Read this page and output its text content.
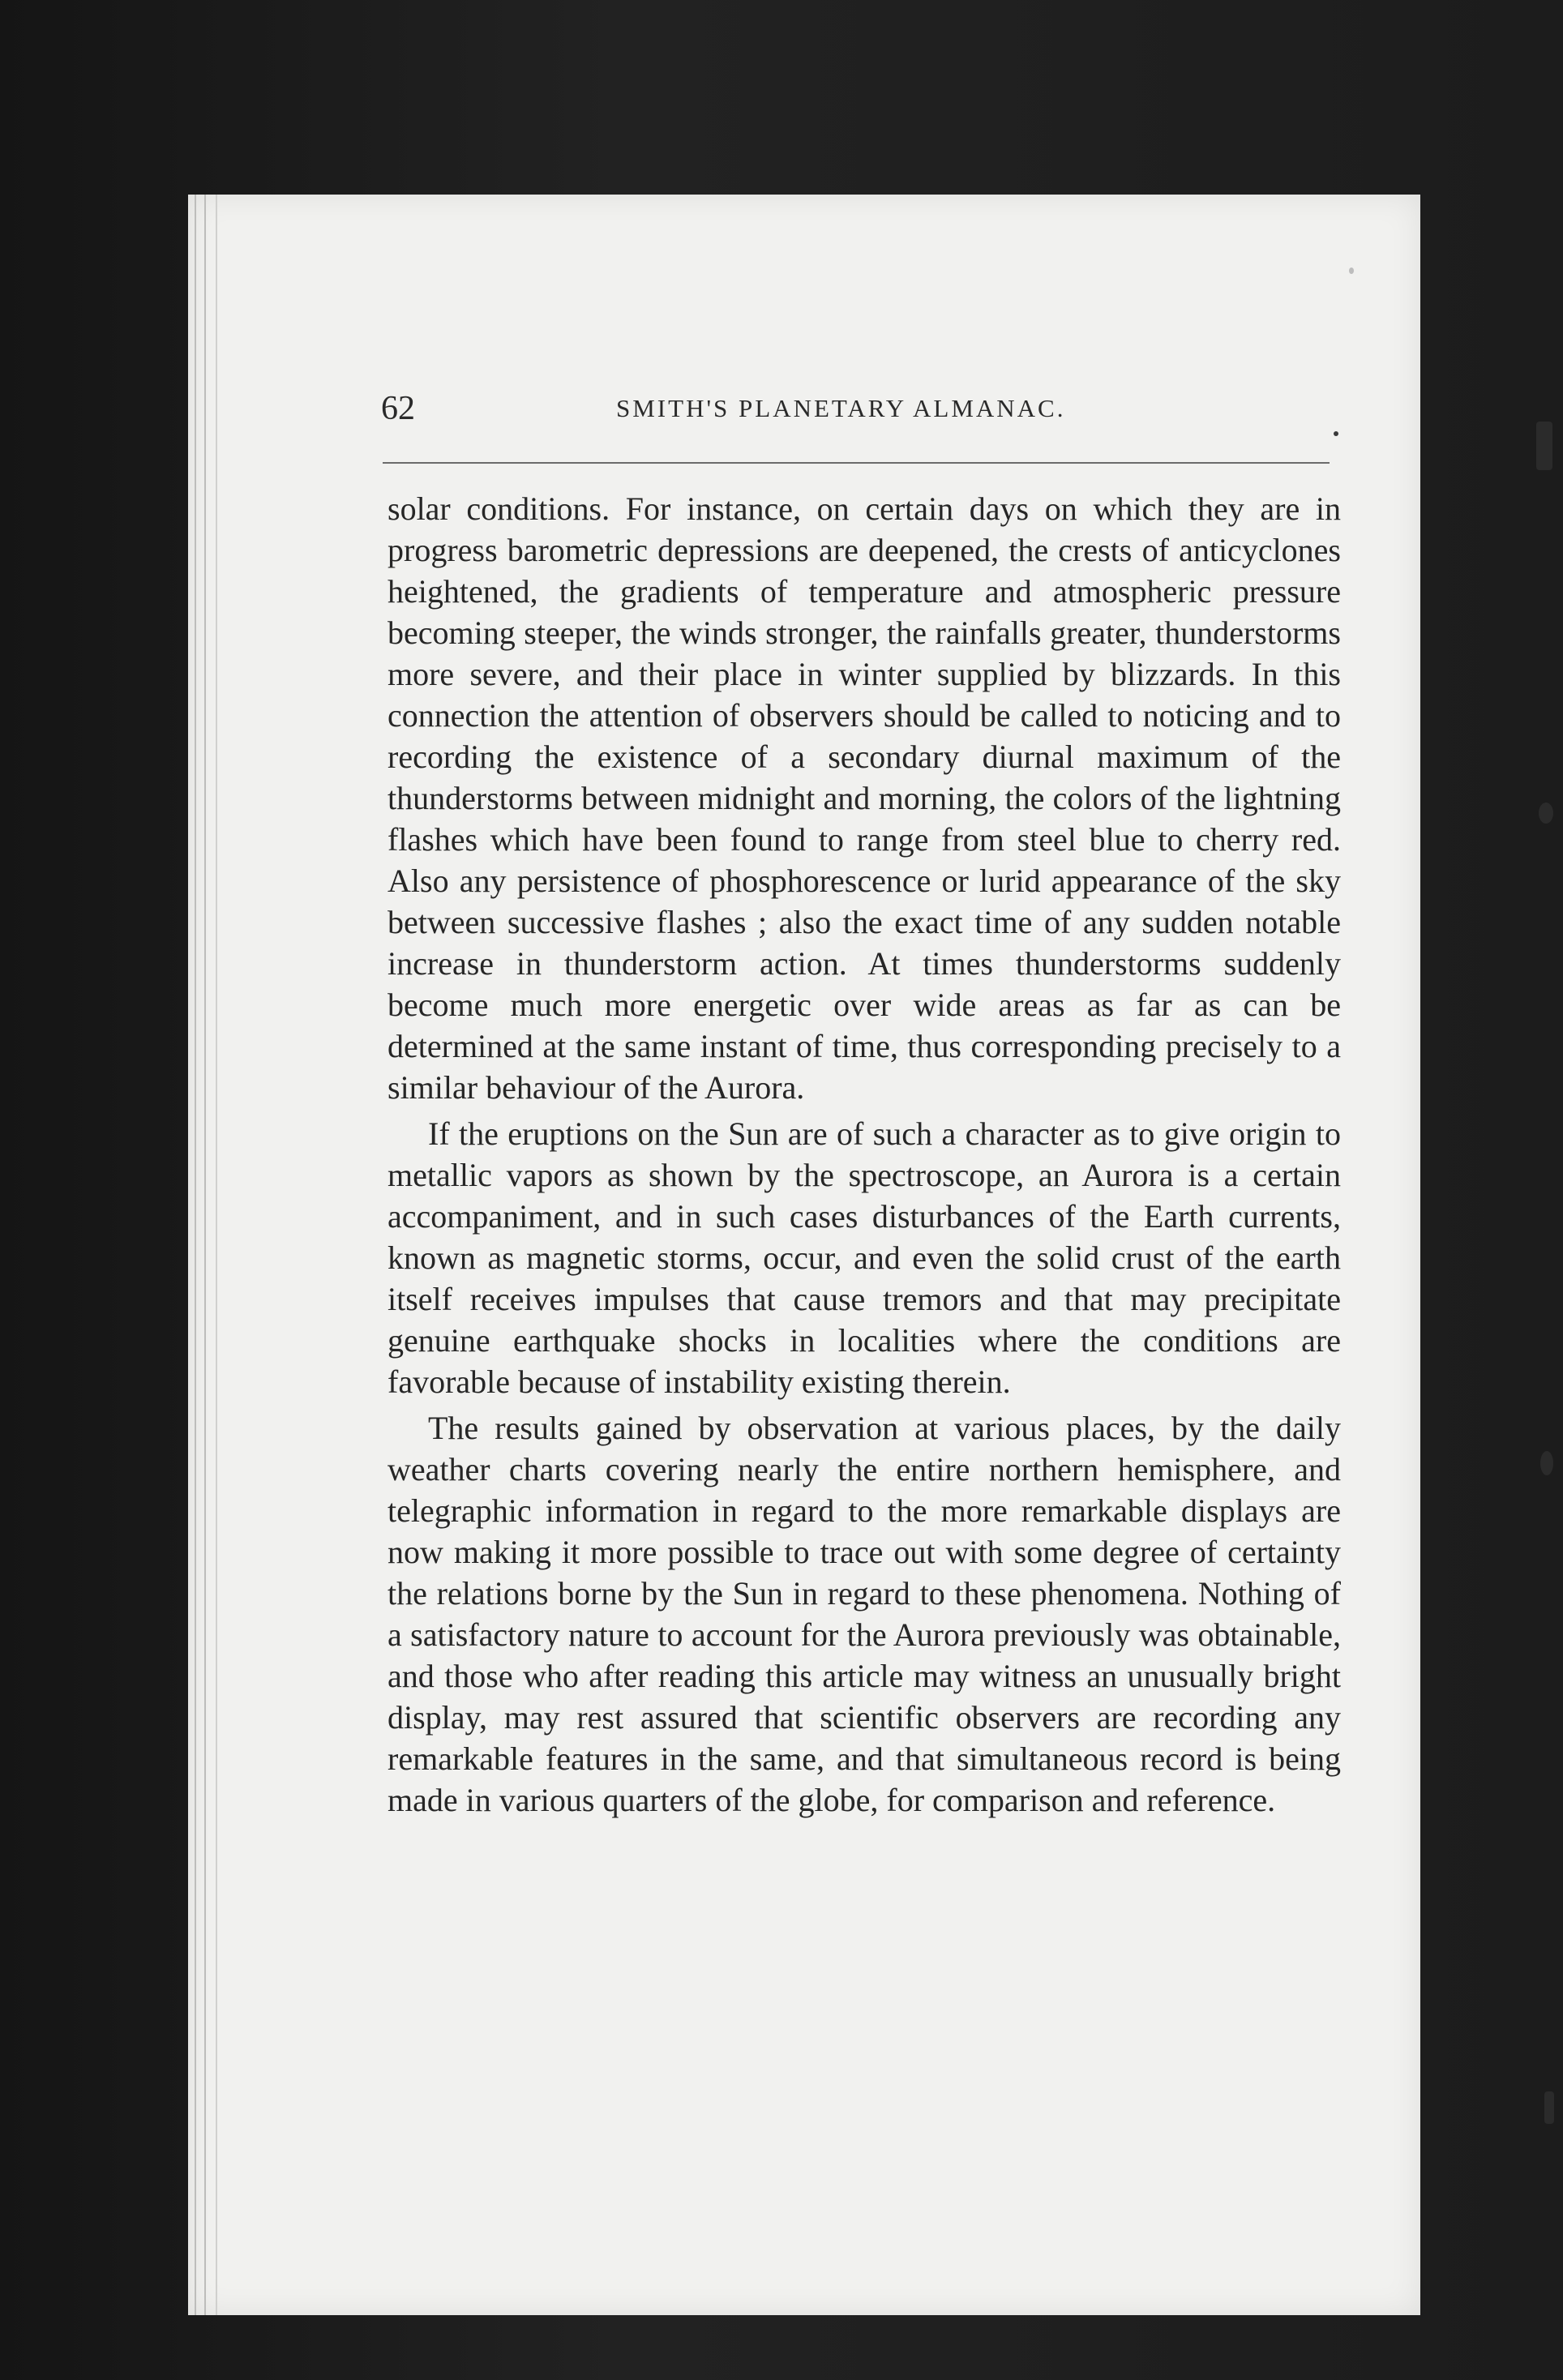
62	SMITH'S PLANETARY ALMANAC.

solar conditions. For instance, on certain days on which they are in progress barometric depressions are deepened, the crests of anticyclones heightened, the gradients of temperature and atmospheric pressure becoming steeper, the winds stronger, the rainfalls greater, thunderstorms more severe, and their place in winter supplied by blizzards. In this connection the attention of observers should be called to noticing and to recording the existence of a secondary diurnal maximum of the thunderstorms between midnight and morning, the colors of the lightning flashes which have been found to range from steel blue to cherry red. Also any persistence of phosphorescence or lurid appearance of the sky between successive flashes ; also the exact time of any sudden notable increase in thunderstorm action. At times thunderstorms suddenly become much more energetic over wide areas as far as can be determined at the same instant of time, thus corresponding precisely to a similar behaviour of the Aurora.

If the eruptions on the Sun are of such a character as to give origin to metallic vapors as shown by the spectroscope, an Aurora is a certain accompaniment, and in such cases disturbances of the Earth currents, known as magnetic storms, occur, and even the solid crust of the earth itself receives impulses that cause tremors and that may precipitate genuine earthquake shocks in localities where the conditions are favorable because of instability existing therein.

The results gained by observation at various places, by the daily weather charts covering nearly the entire northern hemisphere, and telegraphic information in regard to the more remarkable displays are now making it more possible to trace out with some degree of certainty the relations borne by the Sun in regard to these phenomena. Nothing of a satisfactory nature to account for the Aurora previously was obtainable, and those who after reading this article may witness an unusually bright display, may rest assured that scientific observers are recording any remarkable features in the same, and that simultaneous record is being made in various quarters of the globe, for comparison and reference.
